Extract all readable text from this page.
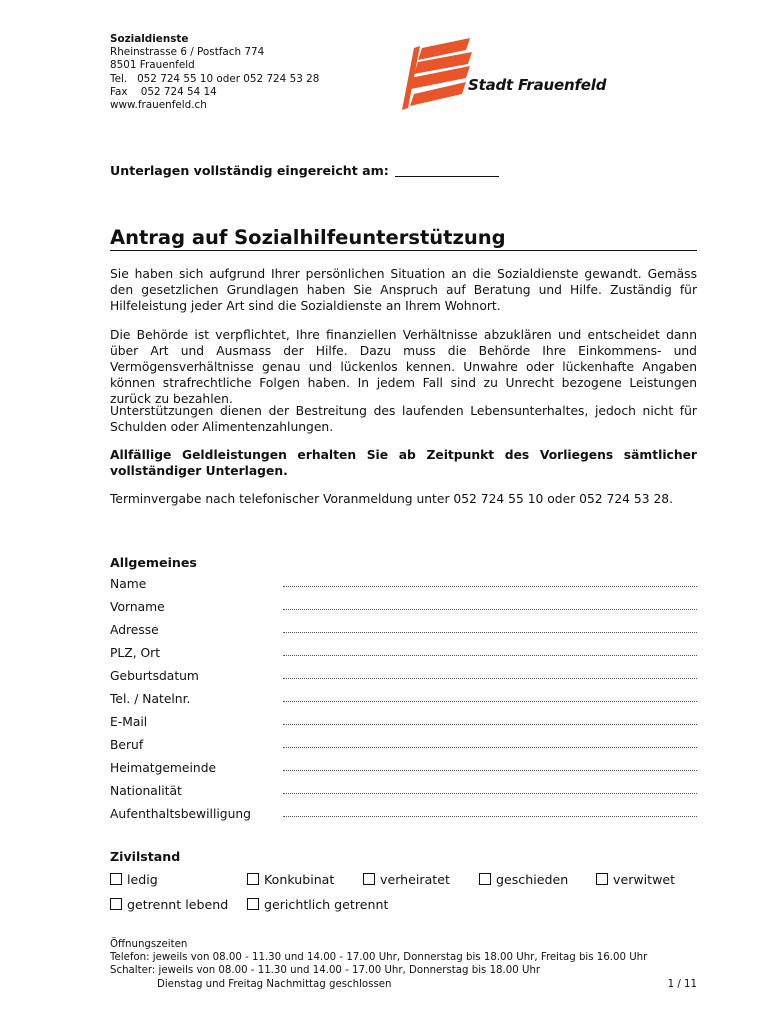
Sozialdienste
Rheinstrasse 6 / Postfach 774
8501 Frauenfeld
Tel.   052 724 55 10 oder 052 724 53 28
Fax    052 724 54 14
www.frauenfeld.ch
Stadt Frauenfeld
Unterlagen vollständig eingereicht am:
Antrag auf Sozialhilfeunterstützung
Sie haben sich aufgrund Ihrer persönlichen Situation an die Sozialdienste gewandt. Gemäss den gesetzlichen Grundlagen haben Sie Anspruch auf Beratung und Hilfe. Zuständig für Hilfeleistung jeder Art sind die Sozialdienste an Ihrem Wohnort.
Die Behörde ist verpflichtet, Ihre finanziellen Verhältnisse abzuklären und entscheidet dann über Art und Ausmass der Hilfe. Dazu muss die Behörde Ihre Einkommens- und Vermögensverhältnisse genau und lückenlos kennen. Unwahre oder lückenhafte Angaben können strafrechtliche Folgen haben. In jedem Fall sind zu Unrecht bezogene Leistungen zurück zu bezahlen.
Unterstützungen dienen der Bestreitung des laufenden Lebensunterhaltes, jedoch nicht für Schulden oder Alimentenzahlungen.
Allfällige Geldleistungen erhalten Sie ab Zeitpunkt des Vorliegens sämtlicher vollständiger Unterlagen.
Terminvergabe nach telefonischer Voranmeldung unter 052 724 55 10 oder 052 724 53 28.
Allgemeines
Name
Vorname
Adresse
PLZ, Ort
Geburtsdatum
Tel. / Natelnr.
E-Mail
Beruf
Heimatgemeinde
Nationalität
Aufenthaltsbewilligung
Zivilstand
ledig	Konkubinat	verheiratet	geschieden	verwitwet
getrennt lebend	gerichtlich getrennt
Öffnungszeiten
Telefon: jeweils von 08.00 - 11.30 und 14.00 - 17.00 Uhr, Donnerstag bis 18.00 Uhr, Freitag bis 16.00 Uhr
Schalter: jeweils von 08.00 - 11.30 und 14.00 - 17.00 Uhr, Donnerstag bis 18.00 Uhr
Dienstag und Freitag Nachmittag geschlossen	1 / 11
